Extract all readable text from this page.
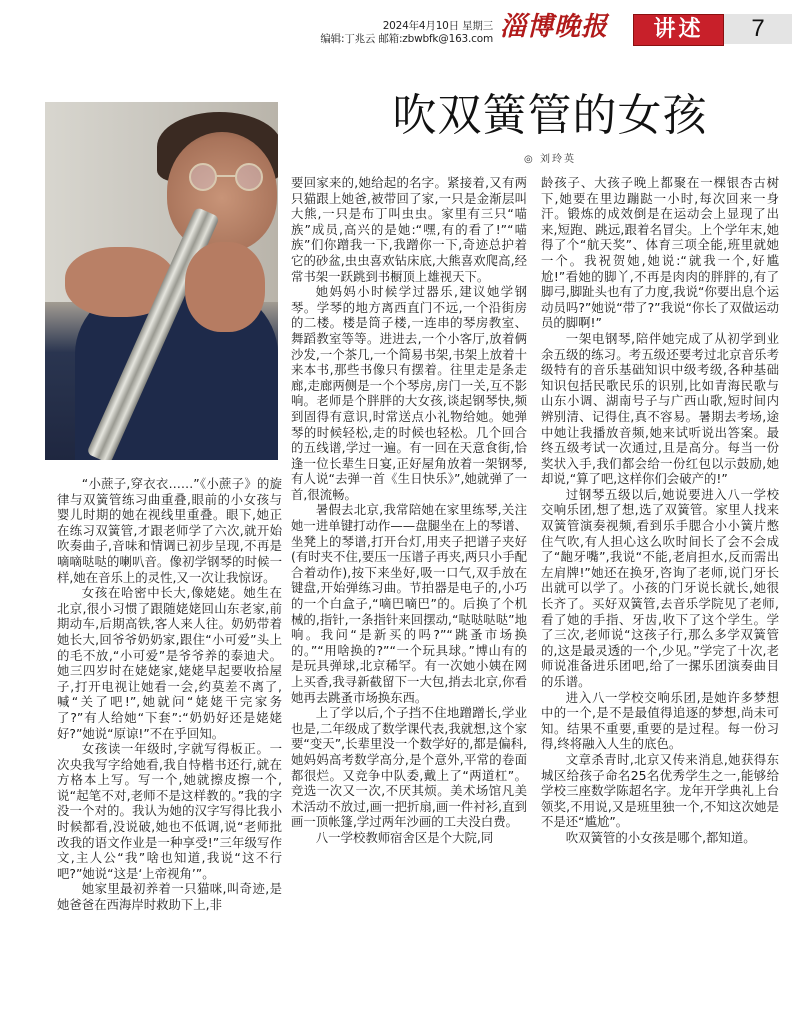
2024年4月10日 星期三
编辑:丁兆云 邮箱:zbwbfk@163.com 淄博晚报	讲述	7
吹双簧管的女孩
◎ 刘玲英

“小蔗子,穿衣衣……”《小蔗子》的旋律与双簧管练习曲重叠,眼前的小女孩与婴儿时期的她在视线里重叠。眼下,她正在练习双簧管,才跟老师学了六次,就开始吹奏曲子,音味和情调已初步呈现,不再是嘀嘀哒哒的喇叭音。像初学钢琴的时候一样,她在音乐上的灵性,又一次让我惊讶。

女孩在哈密中长大,像姥姥。她生在北京,很小习惯了跟随姥姥回山东老家,前期动车,后期高铁,客人来人往。奶奶带着她长大,回爷爷奶奶家,跟住“小可爱”头上的毛不放,“小可爱”是爷爷养的泰迪犬。她三四岁时在姥姥家,姥姥早起要收拾屋子,打开电视让她看一会,约莫差不离了,喊“关了吧!”,她就问“姥姥干完家务了?”有人给她“下套”:“奶奶好还是姥姥好?”她说“原谅!”不在乎回知。

女孩读一年级时,字就写得板正。一次央我写字给她看,我自恃楷书还行,就在方格本上写。写一个,她就擦皮擦一个,说“起笔不对,老师不是这样教的。”我的字没一个对的。我认为她的汉字写得比我小时候都看,没说破,她也不低调,说“老师批改我的语文作业是一种享受!”三年级写作文,主人公“我”啥也知道,我说“这不行吧?”她说“这是‘上帝视角’”。

她家里最初养着一只猫咪,叫奇迹,是她爸爸在西海岸时救助下上,非

要回家来的,她给起的名字。紧接着,又有两只猫跟上她爸,被带回了家,一只是金渐层叫大熊,一只是布丁叫虫虫。家里有三只“喵族”成员,高兴的是她:“嘿,有的看了!”“喵族”们你蹭我一下,我蹭你一下,奇迹总护着它的砂盆,虫虫喜欢钻床底,大熊喜欢爬高,经常书架一跃跳到书橱顶上雄视天下。

她妈妈小时候学过器乐,建议她学钢琴。学琴的地方离西直门不远,一个沿街房的二楼。楼是筒子楼,一连串的琴房教室、舞蹈教室等等。进进去,一个小客厅,放着俩沙发,一个茶几,一个简易书架,书架上放着十来本书,那些书像只有摆着。往里走是条走廊,走廊两侧是一个个琴房,房门一关,互不影响。老师是个胖胖的大女孩,谈起钢琴快,频到固得有意识,时常送点小礼物给她。她弹琴的时候轻松,走的时候也轻松。几个回合的五线谱,学过一遍。有一回在天意食街,恰逢一位长辈生日宴,正好屋角放着一架钢琴,有人说“去弹一首《生日快乐》”,她就弹了一首,很流畅。

暑假去北京,我常陪她在家里练琴,关注她一进单键打动作——盘腿坐在上的琴谱、坐凳上的琴谱,打开台灯,用夹子把谱子夹好(有时夹不住,要压一压谱子再夹,两只小手配合着动作),按下来坐好,吸一口气,双手放在键盘,开始弹练习曲。节拍器是电子的,小巧的一个白盒子,“嘀巴嘀巴”的。后换了个机械的,指针,一条指针来回摆动,“哒哒哒哒”地响。我问“是新买的吗?”“跳蚤市场换的。”“用啥换的?”“一个玩具球。”博山有的是玩具弹球,北京稀罕。有一次她小姨在网上买香,我寻新截留下一大包,捎去北京,你看她再去跳蚤市场换东西。

上了学以后,个子挡不住地蹭蹭长,学业也是,二年级成了数学课代表,我就想,这个家要“变天”,长辈里没一个数学好的,都是偏科,她妈妈高考数学高分,是个意外,平常的卷面都很烂。又竞争中队委,戴上了“两道杠”。竞选一次又一次,不厌其烦。美术场馆凡美术活动不放过,画一把折扇,画一件衬衫,直到画一顶帐篷,学过两年沙画的工夫没白费。

八一学校教师宿舍区是个大院,同

龄孩子、大孩子晚上都聚在一棵银杏古树下,她要在里边蹦跶一小时,每次回来一身汗。锻炼的成效倒是在运动会上显现了出来,短跑、跳远,跟着名冒尖。上个学年末,她得了个“航天奖”、体育三项全能,班里就她一个。我祝贺她,她说:“就我一个,好尴尬!”看她的脚丫,不再是肉肉的胖胖的,有了脚弓,脚趾头也有了力度,我说“你要出息个运动员吗?”她说“带了?”我说“你长了双做运动员的脚啊!”

一架电钢琴,陪伴她完成了从初学到业余五级的练习。考五级还要考过北京音乐考级特有的音乐基础知识中级考级,各种基础知识包括民歌民乐的识别,比如青海民歌与山东小调、湖南号子与广西山歌,短时间内辨别清、记得住,真不容易。暑期去考场,途中她让我播放音频,她来试听说出答案。最终五级考试一次通过,且是高分。每当一份奖状入手,我们都会给一份红包以示鼓励,她却说,“算了吧,这样你们会破产的!”

过钢琴五级以后,她说要进入八一学校交响乐团,想了想,选了双簧管。家里人找来双簧管演奏视频,看到乐手腮合小小簧片憋住气吹,有人担心这么吹时间长了会不会成了“龅牙嘴”,我说“不能,老肩担水,反而需出左肩牌!”她还在换牙,咨询了老师,说门牙长出就可以学了。小孩的门牙说长就长,她很长齐了。买好双簧管,去音乐学院见了老师,看了她的手指、牙齿,收下了这个学生。学了三次,老师说“这孩子行,那么多学双簧管的,这是最灵透的一个,少见。”学完了十次,老师说准备进乐团吧,给了一摞乐团演奏曲目的乐谱。

进入八一学校交响乐团,是她许多梦想中的一个,是不是最值得追逐的梦想,尚未可知。结果不重要,重要的是过程。每一份习得,终将融入人生的底色。

文章杀青时,北京又传来消息,她获得东城区给孩子命名25名优秀学生之一,能够给学校三座数学陈超名字。龙年开学典礼上台领奖,不用说,又是班里独一个,不知这次她是不是还“尴尬”。

吹双簧管的小女孩是哪个,都知道。
